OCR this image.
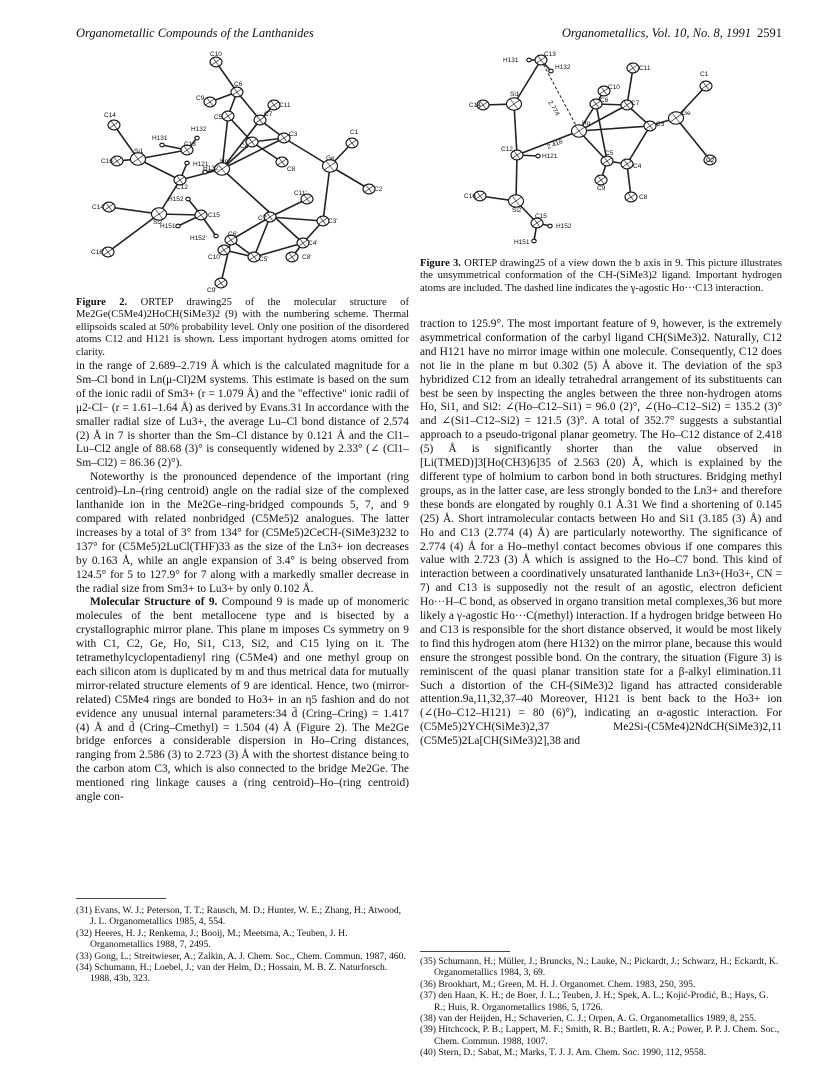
Organometallic Compounds of the Lanthanides	Organometallics, Vol. 10, No. 8, 1991 2591
C10
C9
C6
C5
C11
C7
C14
H132
C13
H131
C4
C3	C1
C16
Si1
H121 Ho	Ge
C8
H132'
C12	C2
C14'
H152
C11'
C15
Si2
C7'	C3'
H151
H152'
C6'
C4'
C16'
C5'
C10'	C8'
C9'
Figure 2. ORTEP drawing25 of the molecular structure of Me2Ge(C5Me4)2HoCH(SiMe3)2 (9) with the numbering scheme. Thermal ellipsoids scaled at 50% probability level. Only one position of the disordered atoms C12 and H121 is shown. Less important hydrogen atoms omitted for clarity.
H131
C13
H132	C11
C1
C10
C14
Si1
C6	C7
Ge
Ho	C3
C12
H121	C5
C4
C2
C9
C8
C16
Si2
C15
H152
H151
2.774
2.418
Figure 3. ORTEP drawing25 of a view down the b axis in 9. This picture illustrates the unsymmetrical conformation of the CH-(SiMe3)2 ligand. Important hydrogen atoms are included. The dashed line indicates the γ-agostic Ho···C13 interaction.

in the range of 2.689–2.719 Å which is the calculated magnitude for a Sm–Cl bond in Ln(μ-Cl)2M systems. This estimate is based on the sum of the ionic radii of Sm3+ (r = 1.079 Å) and the "effective" ionic radii of μ2-Cl− (r = 1.61–1.64 Å) as derived by Evans.31 In accordance with the smaller radial size of Lu3+, the average Lu–Cl bond distance of 2.574 (2) Å in 7 is shorter than the Sm–Cl distance by 0.121 Å and the Cl1–Lu–Cl2 angle of 88.68 (3)° is consequently widened by 2.33° (∠ (Cl1–Sm–Cl2) = 86.36 (2)°).

Noteworthy is the pronounced dependence of the important (ring centroid)–Ln–(ring centroid) angle on the radial size of the complexed lanthanide ion in the Me2Ge–ring-bridged compounds 5, 7, and 9 compared with related nonbridged (C5Me5)2 analogues. The latter increases by a total of 3° from 134° for (C5Me5)2CeCH-(SiMe3)232 to 137° for (C5Me5)2LuCl(THF)33 as the size of the Ln3+ ion decreases by 0.163 Å, while an angle expansion of 3.4° is being observed from 124.5° for 5 to 127.9° for 7 along with a markedly smaller decrease in the radial size from Sm3+ to Lu3+ by only 0.102 Å.

Molecular Structure of 9. Compound 9 is made up of monomeric molecules of the bent metallocene type and is bisected by a crystallographic mirror plane. This plane m imposes Cs symmetry on 9 with C1, C2, Ge, Ho, Si1, C13, Si2, and C15 lying on it. The tetramethylcyclopentadienyl ring (C5Me4) and one methyl group on each silicon atom is duplicated by m and thus metrical data for mutually mirror-related structure elements of 9 are identical. Hence, two (mirror-related) C5Me4 rings are bonded to Ho3+ in an η5 fashion and do not evidence any unusual internal parameters:34 d̄ (Cring–Cring) = 1.417 (4) Å and d̄ (Cring–Cmethyl) = 1.504 (4) Å (Figure 2). The Me2Ge bridge enforces a considerable dispersion in Ho–Cring distances, ranging from 2.586 (3) to 2.723 (3) Å with the shortest distance being to the carbon atom C3, which is also connected to the bridge Me2Ge. The mentioned ring linkage causes a (ring centroid)–Ho–(ring centroid) angle con-

traction to 125.9°. The most important feature of 9, however, is the extremely asymmetrical conformation of the carbyl ligand CH(SiMe3)2. Naturally, C12 and H121 have no mirror image within one molecule. Consequently, C12 does not lie in the plane m but 0.302 (5) Å above it. The deviation of the sp3 hybridized C12 from an ideally tetrahedral arrangement of its substituents can best be seen by inspecting the angles between the three non-hydrogen atoms Ho, Si1, and Si2: ∠(Ho–C12–Si1) = 96.0 (2)°, ∠(Ho–C12–Si2) = 135.2 (3)° and ∠(Si1–C12–Si2) = 121.5 (3)°. A total of 352.7° suggests a substantial approach to a pseudo-trigonal planar geometry. The Ho–C12 distance of 2.418 (5) Å is significantly shorter than the value observed in [Li(TMED)]3[Ho(CH3)6]35 of 2.563 (20) Å, which is explained by the different type of holmium to carbon bond in both structures. Bridging methyl groups, as in the latter case, are less strongly bonded to the Ln3+ and therefore these bonds are elongated by roughly 0.1 Å.31 We find a shortening of 0.145 (25) Å. Short intramolecular contacts between Ho and Si1 (3.185 (3) Å) and Ho and C13 (2.774 (4) Å) are particularly noteworthy. The significance of 2.774 (4) Å for a Ho–methyl contact becomes obvious if one compares this value with 2.723 (3) Å which is assigned to the Ho–C7 bond. This kind of interaction between a coordinatively unsaturated lanthanide Ln3+(Ho3+, CN = 7) and C13 is supposedly not the result of an agostic, electron deficient Ho···H–C bond, as observed in organo transition metal complexes,36 but more likely a γ-agostic Ho···C(methyl) interaction. If a hydrogen bridge between Ho and C13 is responsible for the short distance observed, it would be most likely to find this hydrogen atom (here H132) on the mirror plane, because this would ensure the strongest possible bond. On the contrary, the situation (Figure 3) is reminiscent of the quasi planar transition state for a β-alkyl elimination.11 Such a distortion of the CH-(SiMe3)2 ligand has attracted considerable attention.9a,11,32,37–40 Moreover, H121 is bent back to the Ho3+ ion (∠(Ho–C12–H121) = 80 (6)°), indicating an α-agostic interaction. For (C5Me5)2YCH(SiMe3)2,37 Me2Si-(C5Me4)2NdCH(SiMe3)2,11 (C5Me5)2La[CH(SiMe3)2],38 and

(31) Evans, W. J.; Peterson, T. T.; Rausch, M. D.; Hunter, W. E.; Zhang, H.; Atwood, J. L. Organometallics 1985, 4, 554.
(32) Heeres, H. J.; Renkema, J.; Booij, M.; Meetsma, A.; Teuben, J. H. Organometallics 1988, 7, 2495.
(33) Gong, L.; Streitwieser, A.; Zalkin, A. J. Chem. Soc., Chem. Commun. 1987, 460.
(34) Schumann, H.; Loebel, J.; van der Helm, D.; Hossain, M. B. Z. Naturforsch. 1988, 43b, 323.
(35) Schumann, H.; Müller, J.; Bruncks, N.; Lauke, N.; Pickardt, J.; Schwarz, H.; Eckardt, K. Organometallics 1984, 3, 69.
(36) Brookhart, M.; Green, M. H. J. Organomet. Chem. 1983, 250, 395.
(37) den Haan, K. H.; de Boer, J. L.; Teuben, J. H.; Spek, A. L.; Kojić-Prodić, B.; Hays, G. R.; Huis, R. Organometallics 1986, 5, 1726.
(38) van der Heijden, H.; Schaverien, C. J.; Orpen, A. G. Organometallics 1989, 8, 255.
(39) Hitchcock, P. B.; Lappert, M. F.; Smith, R. B.; Bartlett, R. A.; Power, P. P. J. Chem. Soc., Chem. Commun. 1988, 1007.
(40) Stern, D.; Sabat, M.; Marks, T. J. J. Am. Chem. Soc. 1990, 112, 9558.
